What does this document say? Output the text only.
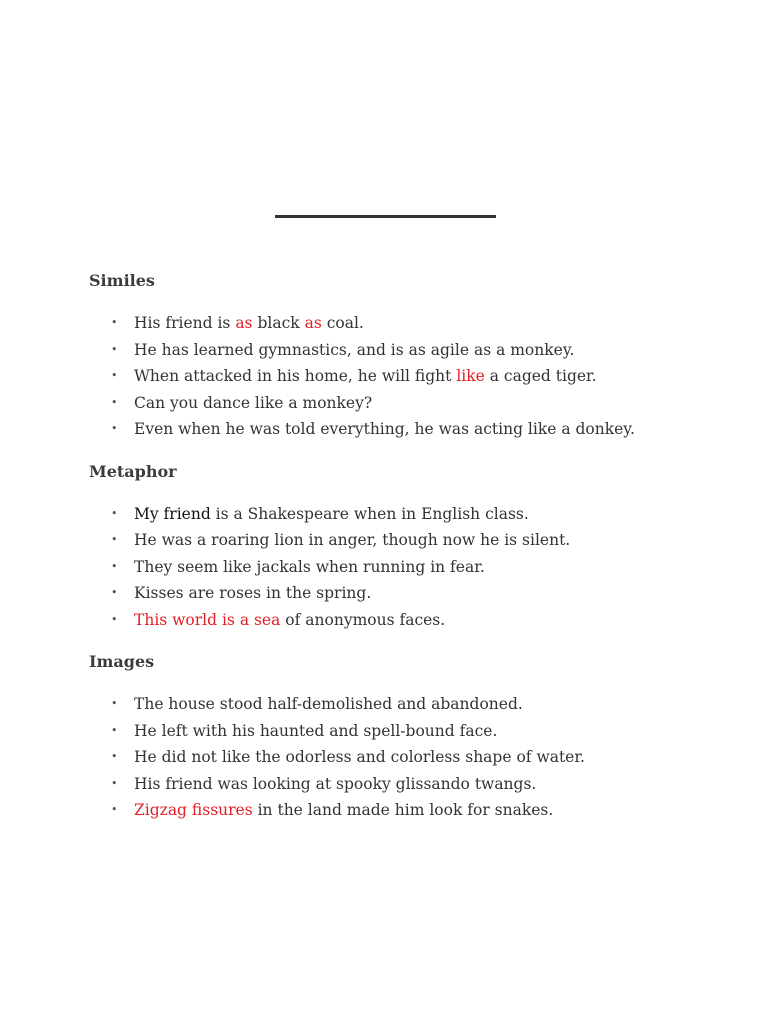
Similes
• His friend is as black as coal.
• He has learned gymnastics, and is as agile as a monkey.
• When attacked in his home, he will fight like a caged tiger.
• Can you dance like a monkey?
• Even when he was told everything, he was acting like a donkey.
Metaphor
• My friend is a Shakespeare when in English class.
• He was a roaring lion in anger, though now he is silent.
• They seem like jackals when running in fear.
• Kisses are roses in the spring.
• This world is a sea of anonymous faces.
Images
• The house stood half-demolished and abandoned.
• He left with his haunted and spell-bound face.
• He did not like the odorless and colorless shape of water.
• His friend was looking at spooky glissando twangs.
• Zigzag fissures in the land made him look for snakes.
